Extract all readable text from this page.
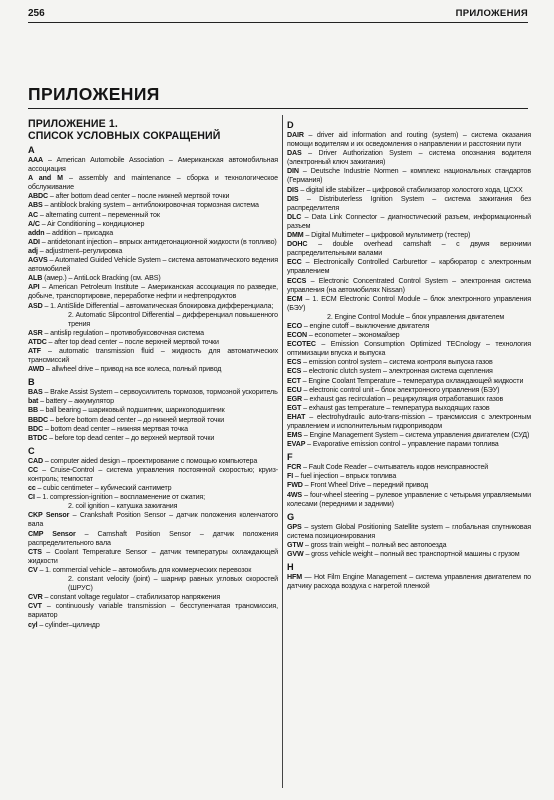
256	ПРИЛОЖЕНИЯ
ПРИЛОЖЕНИЯ
ПРИЛОЖЕНИЕ 1.
СПИСОК УСЛОВНЫХ СОКРАЩЕНИЙ
A
AAA – American Automobile Association – Американская автомобильная ассоциация
A and M – assembly and maintenance – сборка и технологическое обслуживание
ABDC – after bottom dead center – после нижней мертвой точки
ABS – antiblock braking system – антиблокировочная тормозная система
AC – alternating current – переменный ток
A/C – Air Conditioning – кондиционер
addn – addition – присадка
ADI – antidetonant injection – впрыск антидетонационной жидкости (в топливо)
adj – adjustment–регулировка
AGVS – Automated Guided Vehicle System – система автоматического ведения автомобилей
ALB (амер.) – AntiLock Bracking (см. ABS)
API – American Petroleum Institute – Американская ассоциация по разведке, добыче, транспортировке, переработке нефти и нефтепродуктов
ASD – 1. AntiSlide Differential – автоматическая блокировка дифференциала;
2. Automatic Slipcontrol Differential – дифференциал повышенного трения
ASR – antislip regulation – противобуксовочная система
ATDC – after top dead center – после верхней мертвой точки
ATF – automatic transmission fluid – жидкость для автоматических трансмиссий
AWD – allwheel drive – привод на все колеса, полный привод
B
BAS – Brake Assist System – сервоусилитель тормозов, тормозной ускоритель
bat – battery – аккумулятор
BB – ball bearing – шариковый подшипник, шарикоподшипник
BBDC – before bottom dead center – до нижней мертвой точки
BDC – bottom dead center – нижняя мертвая точка
BTDC – before top dead center – до верхней мертвой точки
C
CAD – computer aided design – проектирование с помощью компьютера
CC – Cruise-Control – система управления постоянной скоростью; круиз-контроль; темпостат
cc – cubic centimeter – кубический сантиметр
CI – 1. compression-ignition – воспламенение от сжатия;
2. coil ignition – катушка зажигания
CKP Sensor – Crankshaft Position Sensor – датчик положения коленчатого вала
CMP Sensor – Camshaft Position Sensor – датчик положения распределительного вала
CTS – Coolant Temperature Sensor – датчик температуры охлаждающей жидкости
CV – 1. commercial vehicle – автомобиль для коммерческих перевозок
2. constant velocity (joint) – шарнир равных угловых скоростей (ШРУС)
CVR – constant voltage regulator – стабилизатор напряжения
CVT – continuously variable transmission – бесступенчатая трансмиссия, вариатор
cyl – cylinder–цилиндр
D
DAIR – driver aid information and routing (system) – система оказания помощи водителям и их осведомления о направлении и расстоянии пути
DAS – Driver Authorization System – система опознания водителя (электронный ключ зажигания)
DIN – Deutsche Industrie Normen – комплекс национальных стандартов (Германия)
DIS – digital idle stabilizer – цифровой стабилизатор холостого хода, ЦСХХ
DIS – Distributerless Ignition System – система зажигания без распределителя
DLC – Data Link Connector – диагностический разъем, информационный разъем
DMM – Digital Multimeter – цифровой мультиметр (тестер)
DOHC – double overhead camshaft – с двумя верхними распределительными валами
ECC – Electronically Controlled Carburettor – карбюратор с электронным управлением
ECCS – Electronic Concentrated Control System – электронная система управления (на автомобилях Nissan)
ECM – 1. ECM Electronic Control Module – блок электронного управления (БЭУ)
2. Engine Control Module – блок управления двигателем
ECO – engine cutoff – выключение двигателя
ECON – econometer – экономайзер
ECOTEC – Emission Consumption Optimized TECnology – технология оптимизации впуска и выпуска
ECS – emission control system – система контроля выпуска газов
ECS – electronic clutch system – электронная система сцепления
ECT – Engine Coolant Temperature – температура охлаждающей жидкости
ECU – electronic control unit – блок электронного управления (БЭУ)
EGR – exhaust gas recirculation – рециркуляция отработавших газов
EGT – exhaust gas temperature – температура выходящих газов
EHAT – electrohydraulic auto-trans-mission – трансмиссия с электронным управлением и исполнительным гидроприводом
EMS – Engine Management System – система управления двигателем (СУД)
EVAP – Evaporative emission control – управление парами топлива
F
FCR – Fault Code Reader – считыватель кодов неисправностей
FI – fuel injection – впрыск топлива
FWD – Front Wheel Drive – передний привод
4WS – four-wheel steering – рулевое управление с четырьмя управляемыми колесами (передними и задними)
G
GPS – system Global Positioning Satellite system – глобальная спутниковая система позиционирования
GTW – gross train weight – полный вес автопоезда
GVW – gross vehicle weight – полный вес транспортной машины с грузом
H
HFM — Hot Film Engine Management – система управления двигателем по датчику расхода воздуха с нагретой пленкой
